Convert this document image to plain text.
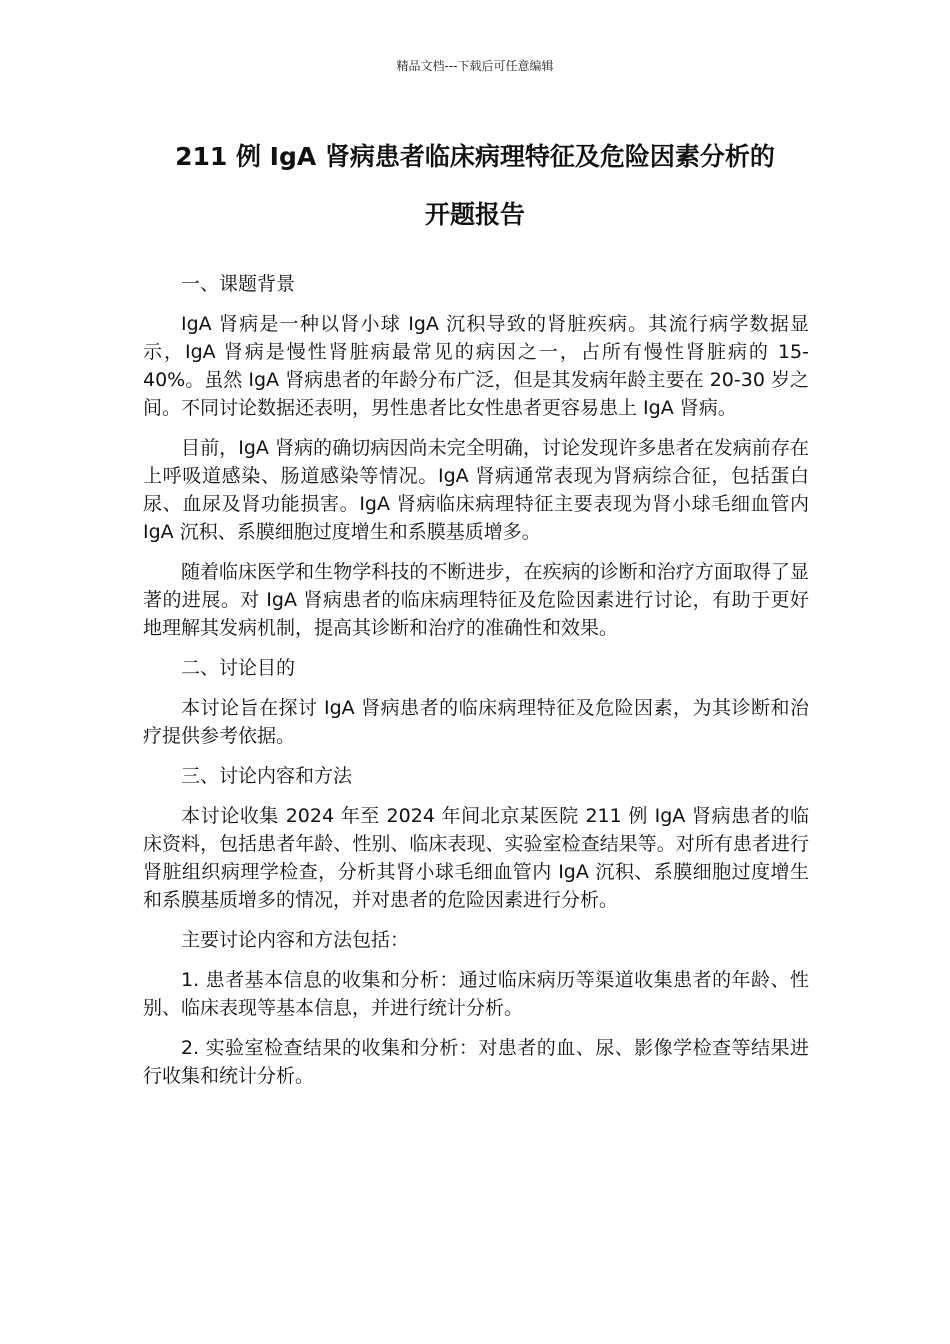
精品文档---下载后可任意编辑
211 例 IgA 肾病患者临床病理特征及危险因素分析的
开题报告

一、课题背景

IgA 肾病是一种以肾小球 IgA 沉积导致的肾脏疾病。其流行病学数据显示，IgA 肾病是慢性肾脏病最常见的病因之一，占所有慢性肾脏病的 15-40%。虽然 IgA 肾病患者的年龄分布广泛，但是其发病年龄主要在 20-30 岁之间。不同讨论数据还表明，男性患者比女性患者更容易患上 IgA 肾病。

目前，IgA 肾病的确切病因尚未完全明确，讨论发现许多患者在发病前存在上呼吸道感染、肠道感染等情况。IgA 肾病通常表现为肾病综合征，包括蛋白尿、血尿及肾功能损害。IgA 肾病临床病理特征主要表现为肾小球毛细血管内 IgA 沉积、系膜细胞过度增生和系膜基质增多。

随着临床医学和生物学科技的不断进步，在疾病的诊断和治疗方面取得了显著的进展。对 IgA 肾病患者的临床病理特征及危险因素进行讨论，有助于更好地理解其发病机制，提高其诊断和治疗的准确性和效果。

二、讨论目的

本讨论旨在探讨 IgA 肾病患者的临床病理特征及危险因素，为其诊断和治疗提供参考依据。

三、讨论内容和方法

本讨论收集 2024 年至 2024 年间北京某医院 211 例 IgA 肾病患者的临床资料，包括患者年龄、性别、临床表现、实验室检查结果等。对所有患者进行肾脏组织病理学检查，分析其肾小球毛细血管内 IgA 沉积、系膜细胞过度增生和系膜基质增多的情况，并对患者的危险因素进行分析。

主要讨论内容和方法包括：

1. 患者基本信息的收集和分析：通过临床病历等渠道收集患者的年龄、性别、临床表现等基本信息，并进行统计分析。

2. 实验室检查结果的收集和分析：对患者的血、尿、影像学检查等结果进行收集和统计分析。
